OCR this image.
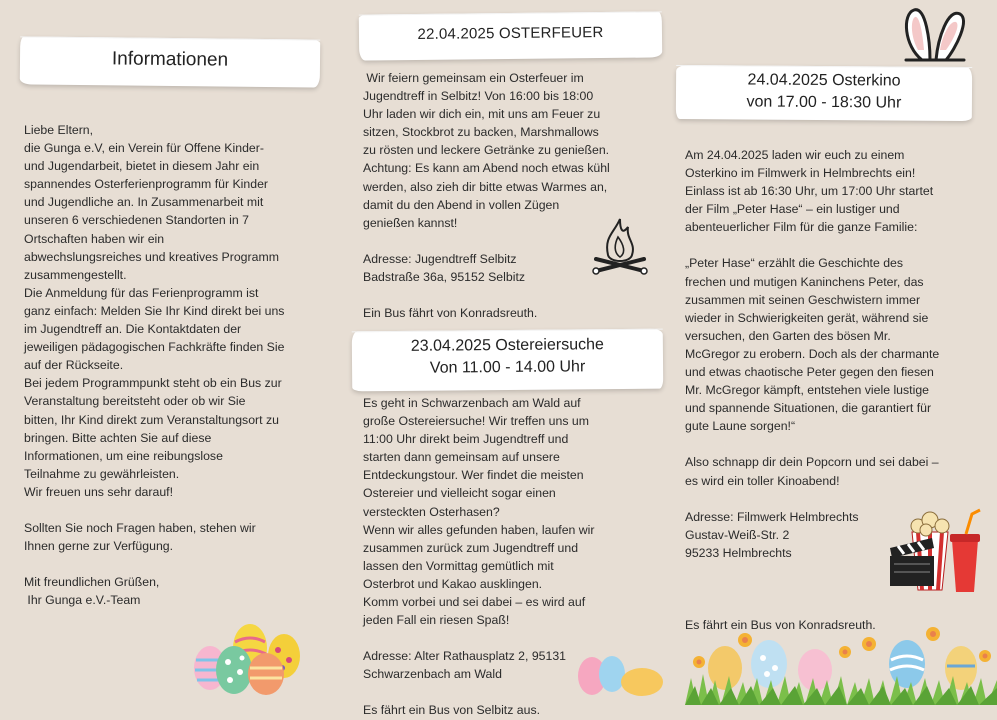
Informationen
22.04.2025 OSTERFEUER
23.04.2025 Ostereiersuche
Von 11.00 - 14.00 Uhr
24.04.2025 Osterkino
von 17.00 - 18:30 Uhr

Liebe Eltern,

die Gunga e.V, ein Verein für Offene Kinder-

und Jugendarbeit, bietet in diesem Jahr ein

spannendes Osterferienprogramm für Kinder

und Jugendliche an. In Zusammenarbeit mit

unseren 6 verschiedenen Standorten in 7

Ortschaften haben wir ein

abwechslungsreiches und kreatives Programm

zusammengestellt.

Die Anmeldung für das Ferienprogramm ist

ganz einfach: Melden Sie Ihr Kind direkt bei uns

im Jugendtreff an. Die Kontaktdaten der

jeweiligen pädagogischen Fachkräfte finden Sie

auf der Rückseite.

Bei jedem Programmpunkt steht ob ein Bus zur

Veranstaltung bereitsteht oder ob wir Sie

bitten, Ihr Kind direkt zum Veranstaltungsort zu

bringen. Bitte achten Sie auf diese

Informationen, um eine reibungslose

Teilnahme zu gewährleisten.

Wir freuen uns sehr darauf!

Sollten Sie noch Fragen haben, stehen wir

Ihnen gerne zur Verfügung.

Mit freundlichen Grüßen,

Ihr Gunga e.V.-Team

Wir feiern gemeinsam ein Osterfeuer im

Jugendtreff in Selbitz! Von 16:00 bis 18:00

Uhr laden wir dich ein, mit uns am Feuer zu

sitzen, Stockbrot zu backen, Marshmallows

zu rösten und leckere Getränke zu genießen.

Achtung: Es kann am Abend noch etwas kühl

werden, also zieh dir bitte etwas Warmes an,

damit du den Abend in vollen Zügen

genießen kannst!

Adresse: Jugendtreff Selbitz

Badstraße 36a, 95152 Selbitz

Ein Bus fährt von Konradsreuth.

Es geht in Schwarzenbach am Wald auf

große Ostereiersuche! Wir treffen uns um

11:00 Uhr direkt beim Jugendtreff und

starten dann gemeinsam auf unsere

Entdeckungstour. Wer findet die meisten

Ostereier und vielleicht sogar einen

versteckten Osterhasen?

Wenn wir alles gefunden haben, laufen wir

zusammen zurück zum Jugendtreff und

lassen den Vormittag gemütlich mit

Osterbrot und Kakao ausklingen.

Komm vorbei und sei dabei – es wird auf

jeden Fall ein riesen Spaß!

Adresse: Alter Rathausplatz 2, 95131

Schwarzenbach am Wald

Es fährt ein Bus von Selbitz aus.

Am 24.04.2025 laden wir euch zu einem

Osterkino im Filmwerk in Helmbrechts ein!

Einlass ist ab 16:30 Uhr, um 17:00 Uhr startet

der Film „Peter Hase“ – ein lustiger und

abenteuerlicher Film für die ganze Familie:

„Peter Hase“ erzählt die Geschichte des

frechen und mutigen Kaninchens Peter, das

zusammen mit seinen Geschwistern immer

wieder in Schwierigkeiten gerät, während sie

versuchen, den Garten des bösen Mr.

McGregor zu erobern. Doch als der charmante

und etwas chaotische Peter gegen den fiesen

Mr. McGregor kämpft, entstehen viele lustige

und spannende Situationen, die garantiert für

gute Laune sorgen!“

Also schnapp dir dein Popcorn und sei dabei –

es wird ein toller Kinoabend!

Adresse: Filmwerk Helmbrechts

Gustav-Weiß-Str. 2

95233 Helmbrechts

Es fährt ein Bus von Konradsreuth.
